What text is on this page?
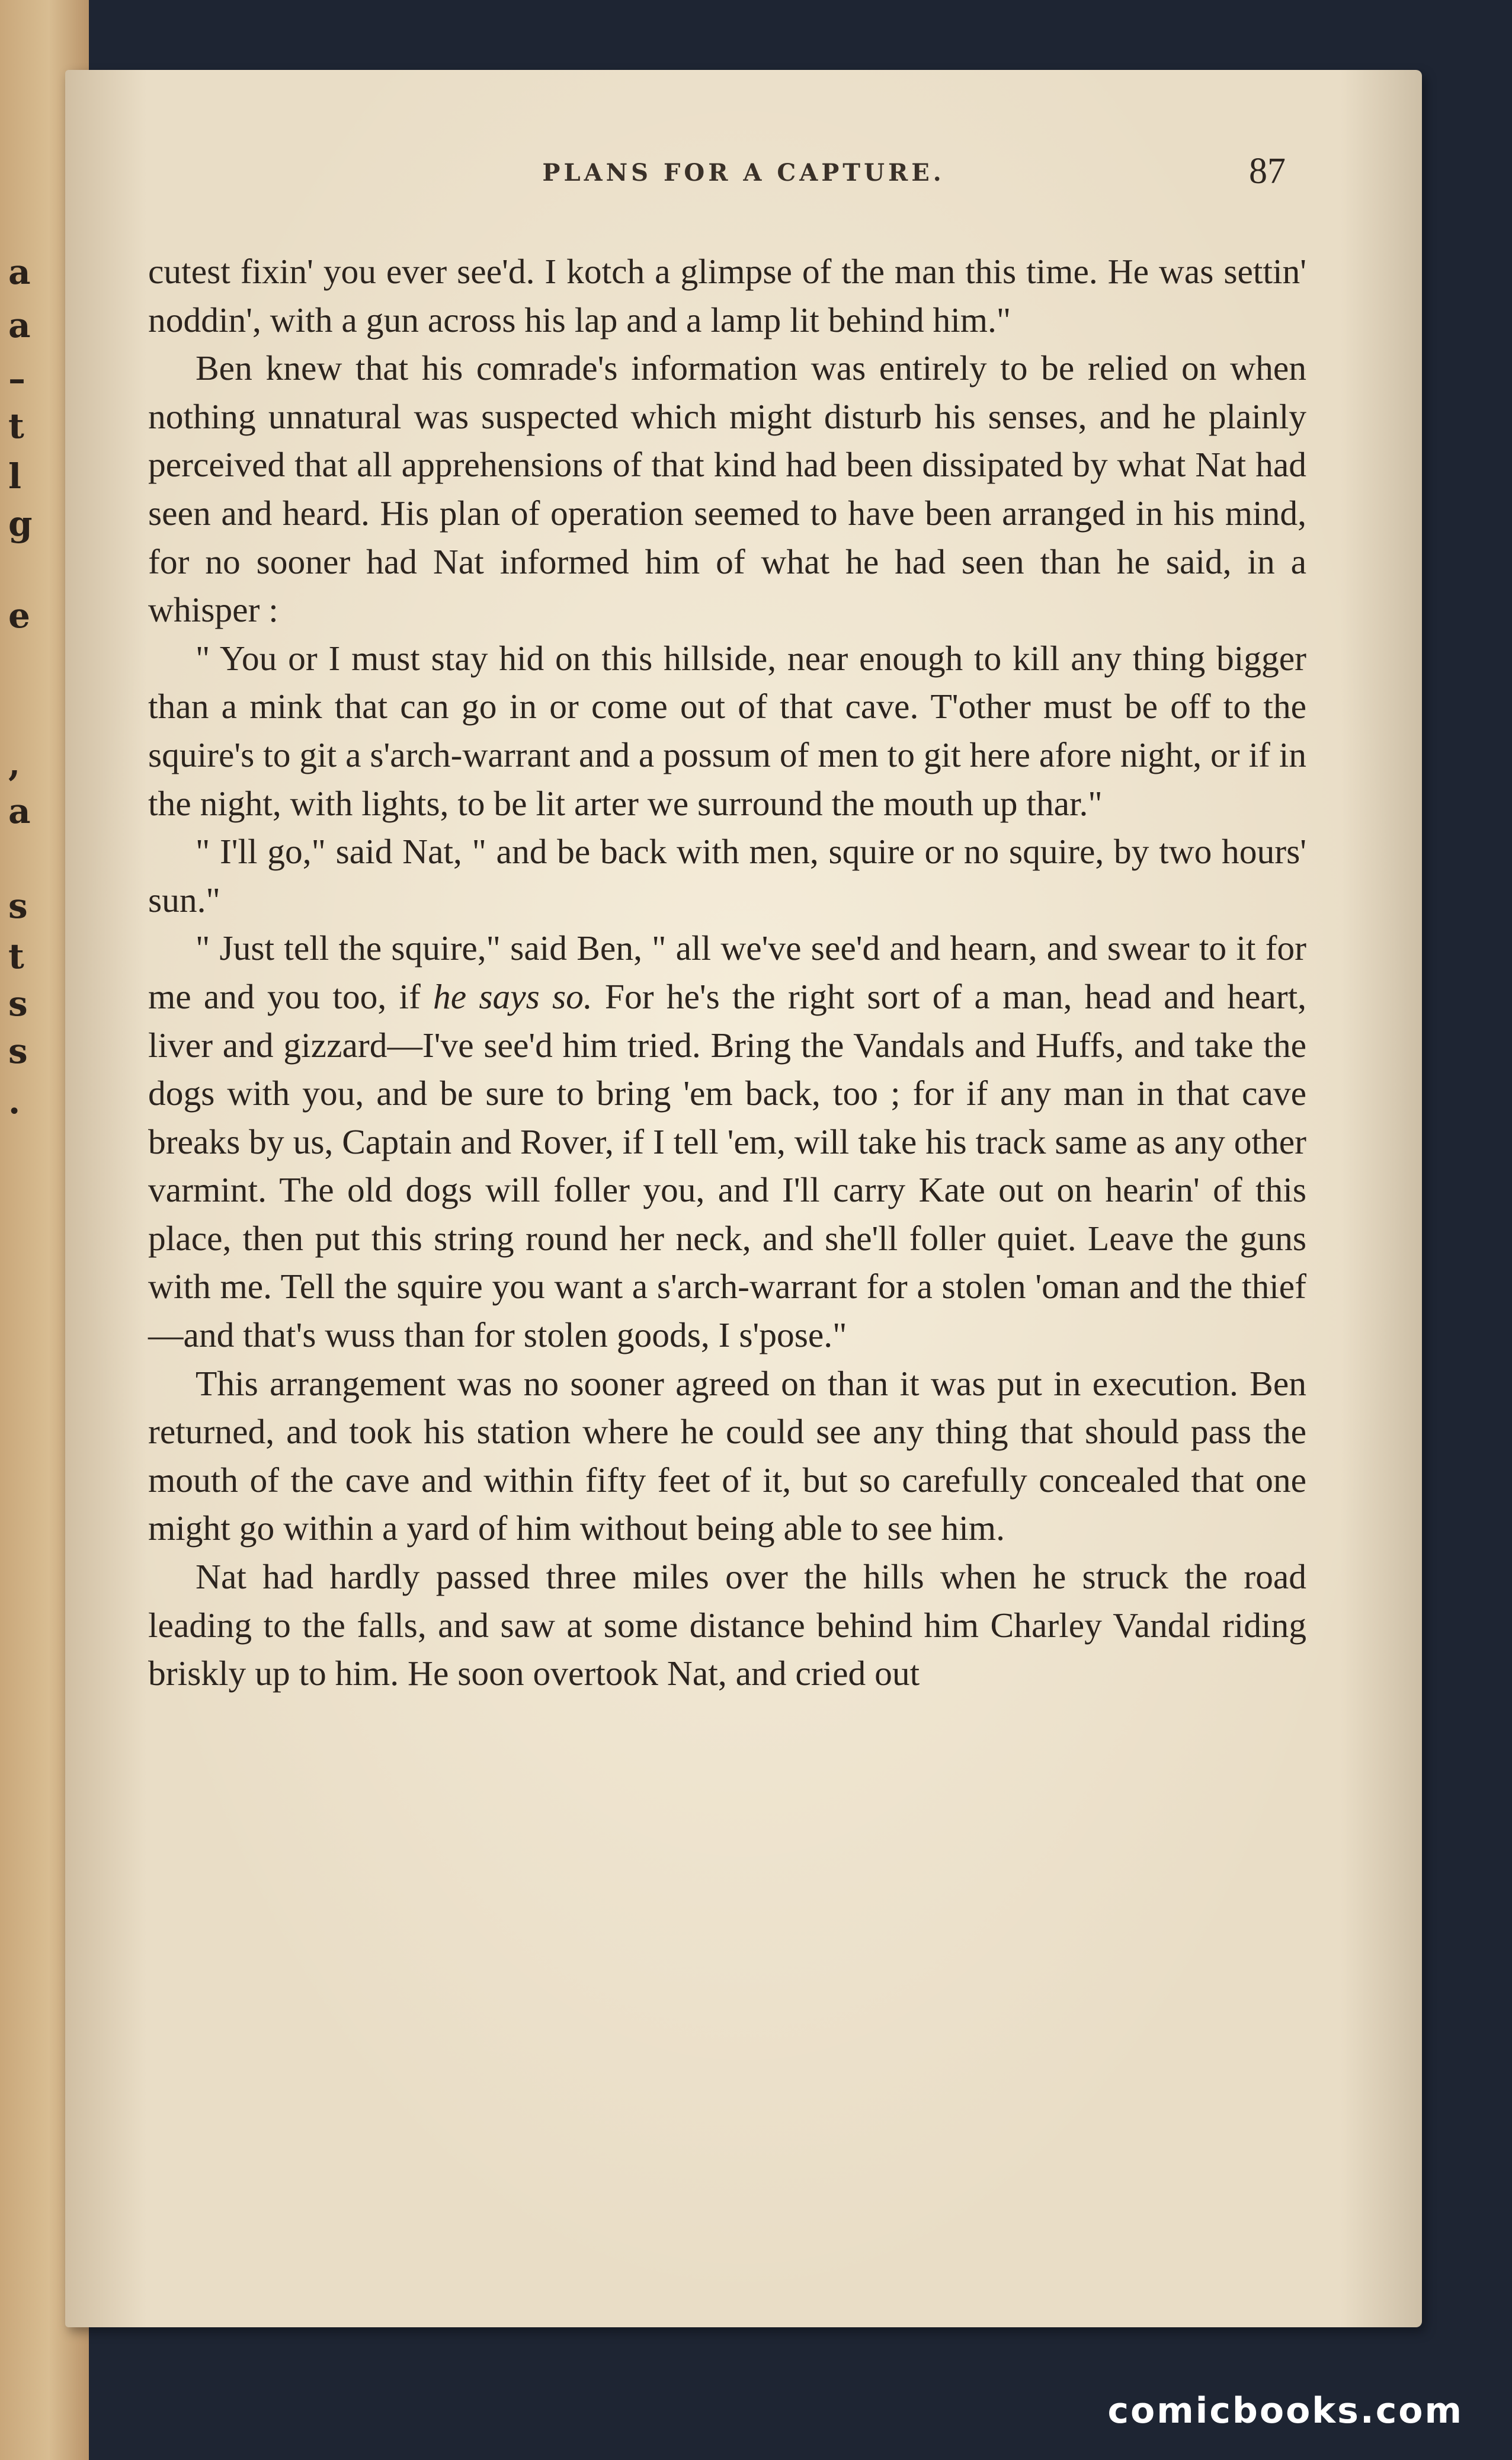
a
a
–
t
l
g
e
,
a
s
t
s
s
.
PLANS FOR A CAPTURE.	87

cutest fixin' you ever see'd. I kotch a glimpse of the man this time. He was settin' noddin', with a gun across his lap and a lamp lit behind him."

Ben knew that his comrade's information was entirely to be relied on when nothing unnatural was suspected which might disturb his senses, and he plainly perceived that all apprehensions of that kind had been dissipated by what Nat had seen and heard. His plan of operation seemed to have been arranged in his mind, for no sooner had Nat informed him of what he had seen than he said, in a whisper :

" You or I must stay hid on this hillside, near enough to kill any thing bigger than a mink that can go in or come out of that cave. T'other must be off to the squire's to git a s'arch-warrant and a possum of men to git here afore night, or if in the night, with lights, to be lit arter we surround the mouth up thar."

" I'll go," said Nat, " and be back with men, squire or no squire, by two hours' sun."

" Just tell the squire," said Ben, " all we've see'd and hearn, and swear to it for me and you too, if he says so. For he's the right sort of a man, head and heart, liver and gizzard—I've see'd him tried. Bring the Vandals and Huffs, and take the dogs with you, and be sure to bring 'em back, too ; for if any man in that cave breaks by us, Captain and Rover, if I tell 'em, will take his track same as any other varmint. The old dogs will foller you, and I'll carry Kate out on hearin' of this place, then put this string round her neck, and she'll foller quiet. Leave the guns with me. Tell the squire you want a s'arch-warrant for a stolen 'oman and the thief—and that's wuss than for stolen goods, I s'pose."

This arrangement was no sooner agreed on than it was put in execution. Ben returned, and took his station where he could see any thing that should pass the mouth of the cave and within fifty feet of it, but so carefully concealed that one might go within a yard of him without being able to see him.

Nat had hardly passed three miles over the hills when he struck the road leading to the falls, and saw at some distance behind him Charley Vandal riding briskly up to him. He soon overtook Nat, and cried out

comicbooks.com
